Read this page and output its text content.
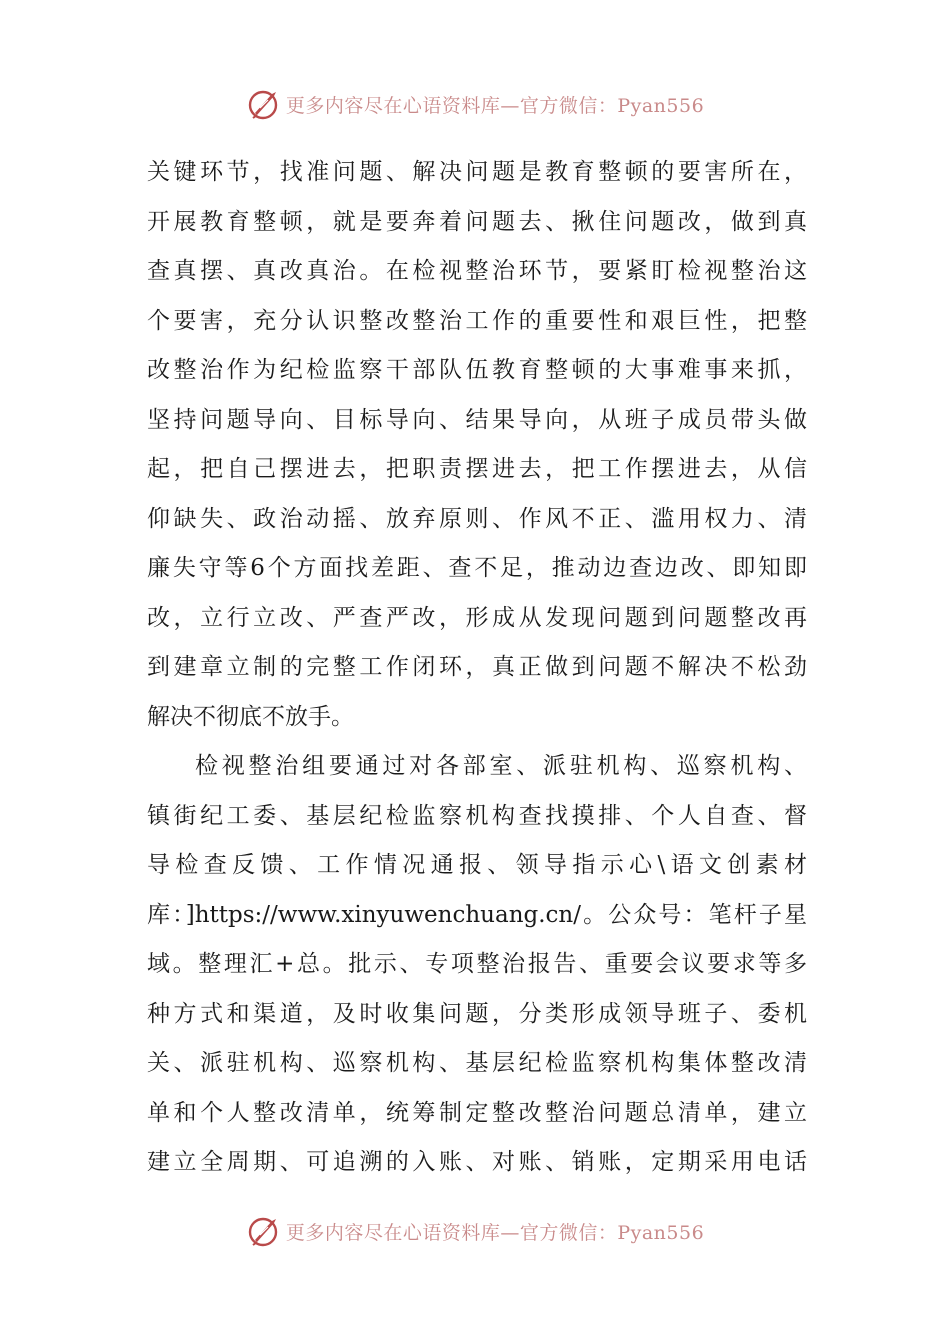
更多内容尽在心语资料库—官方微信：Pyan556
关键环节，找准问题、解决问题是教育整顿的要害所在，
开展教育整顿，就是要奔着问题去、揪住问题改，做到真
查真摆、真改真治。在检视整治环节，要紧盯检视整治这
个要害，充分认识整改整治工作的重要性和艰巨性，把整
改整治作为纪检监察干部队伍教育整顿的大事难事来抓，
坚持问题导向、目标导向、结果导向，从班子成员带头做
起，把自己摆进去，把职责摆进去，把工作摆进去，从信
仰缺失、政治动摇、放弃原则、作风不正、滥用权力、清
廉失守等6个方面找差距、查不足，推动边查边改、即知即
改，立行立改、严查严改，形成从发现问题到问题整改再
到建章立制的完整工作闭环，真正做到问题不解决不松劲
解决不彻底不放手。
检视整治组要通过对各部室、派驻机构、巡察机构、
镇街纪工委、基层纪检监察机构查找摸排、个人自查、督
导检查反馈、工作情况通报、领导指示心\语文创素材
库：]https://www.xinyuwenchuang.cn/。公众号：笔杆子星
域。整理汇+总。批示、专项整治报告、重要会议要求等多
种方式和渠道，及时收集问题，分类形成领导班子、委机
关、派驻机构、巡察机构、基层纪检监察机构集体整改清
单和个人整改清单，统筹制定整改整治问题总清单，建立
建立全周期、可追溯的入账、对账、销账，定期采用电话
更多内容尽在心语资料库—官方微信：Pyan556
